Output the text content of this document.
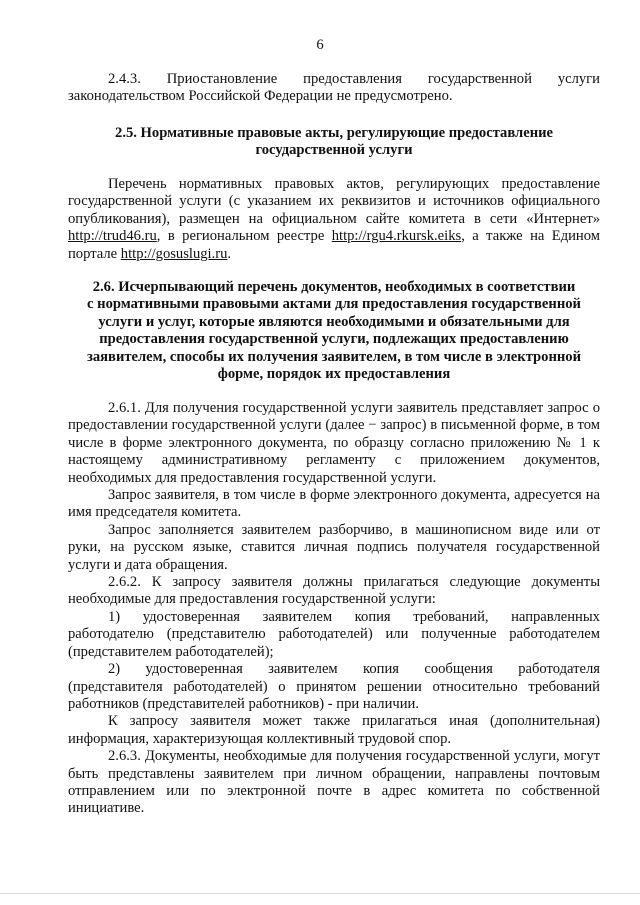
6
2.4.3. Приостановление предоставления государственной услуги

законодательством Российской Федерации не предусмотрено.

2.5. Нормативные правовые акты, регулирующие предоставление
государственной услуги

Перечень нормативных правовых актов, регулирующих предоставление государственной услуги (с указанием их реквизитов и источников официального опубликования), размещен на официальном сайте комитета в сети «Интернет» http://trud46.ru, в региональном реестре http://rgu4.rkursk.eiks, а также на Едином портале http://gosuslugi.ru.

2.6. Исчерпывающий перечень документов, необходимых в соответствии
с нормативными правовыми актами для предоставления государственной
услуги и услуг, которые являются необходимыми и обязательными для
предоставления государственной услуги, подлежащих предоставлению
заявителем, способы их получения заявителем, в том числе в электронной
форме, порядок их предоставления

2.6.1. Для получения государственной услуги заявитель представляет запрос о предоставлении государственной услуги (далее − запрос) в письменной форме, в том числе в форме электронного документа, по образцу согласно приложению № 1 к настоящему административному регламенту с приложением документов, необходимых для предоставления государственной услуги.

Запрос заявителя, в том числе в форме электронного документа, адресуется на имя председателя комитета.

Запрос заполняется заявителем разборчиво, в машинописном виде или от руки, на русском языке, ставится личная подпись получателя государственной услуги и дата обращения.

2.6.2. К запросу заявителя должны прилагаться следующие документы необходимые для предоставления государственной услуги:

1) удостоверенная заявителем копия требований, направленных

работодателю (представителю работодателей) или полученные работодателем (представителем работодателей);

2) удостоверенная заявителем копия сообщения работодателя

(представителя работодателей) о принятом решении относительно требований работников (представителей работников) - при наличии.

К запросу заявителя может также прилагаться иная (дополнительная) информация, характеризующая коллективный трудовой спор.

2.6.3. Документы, необходимые для получения государственной услуги, могут быть представлены заявителем при личном обращении, направлены почтовым отправлением или по электронной почте в адрес комитета по собственной инициативе.
